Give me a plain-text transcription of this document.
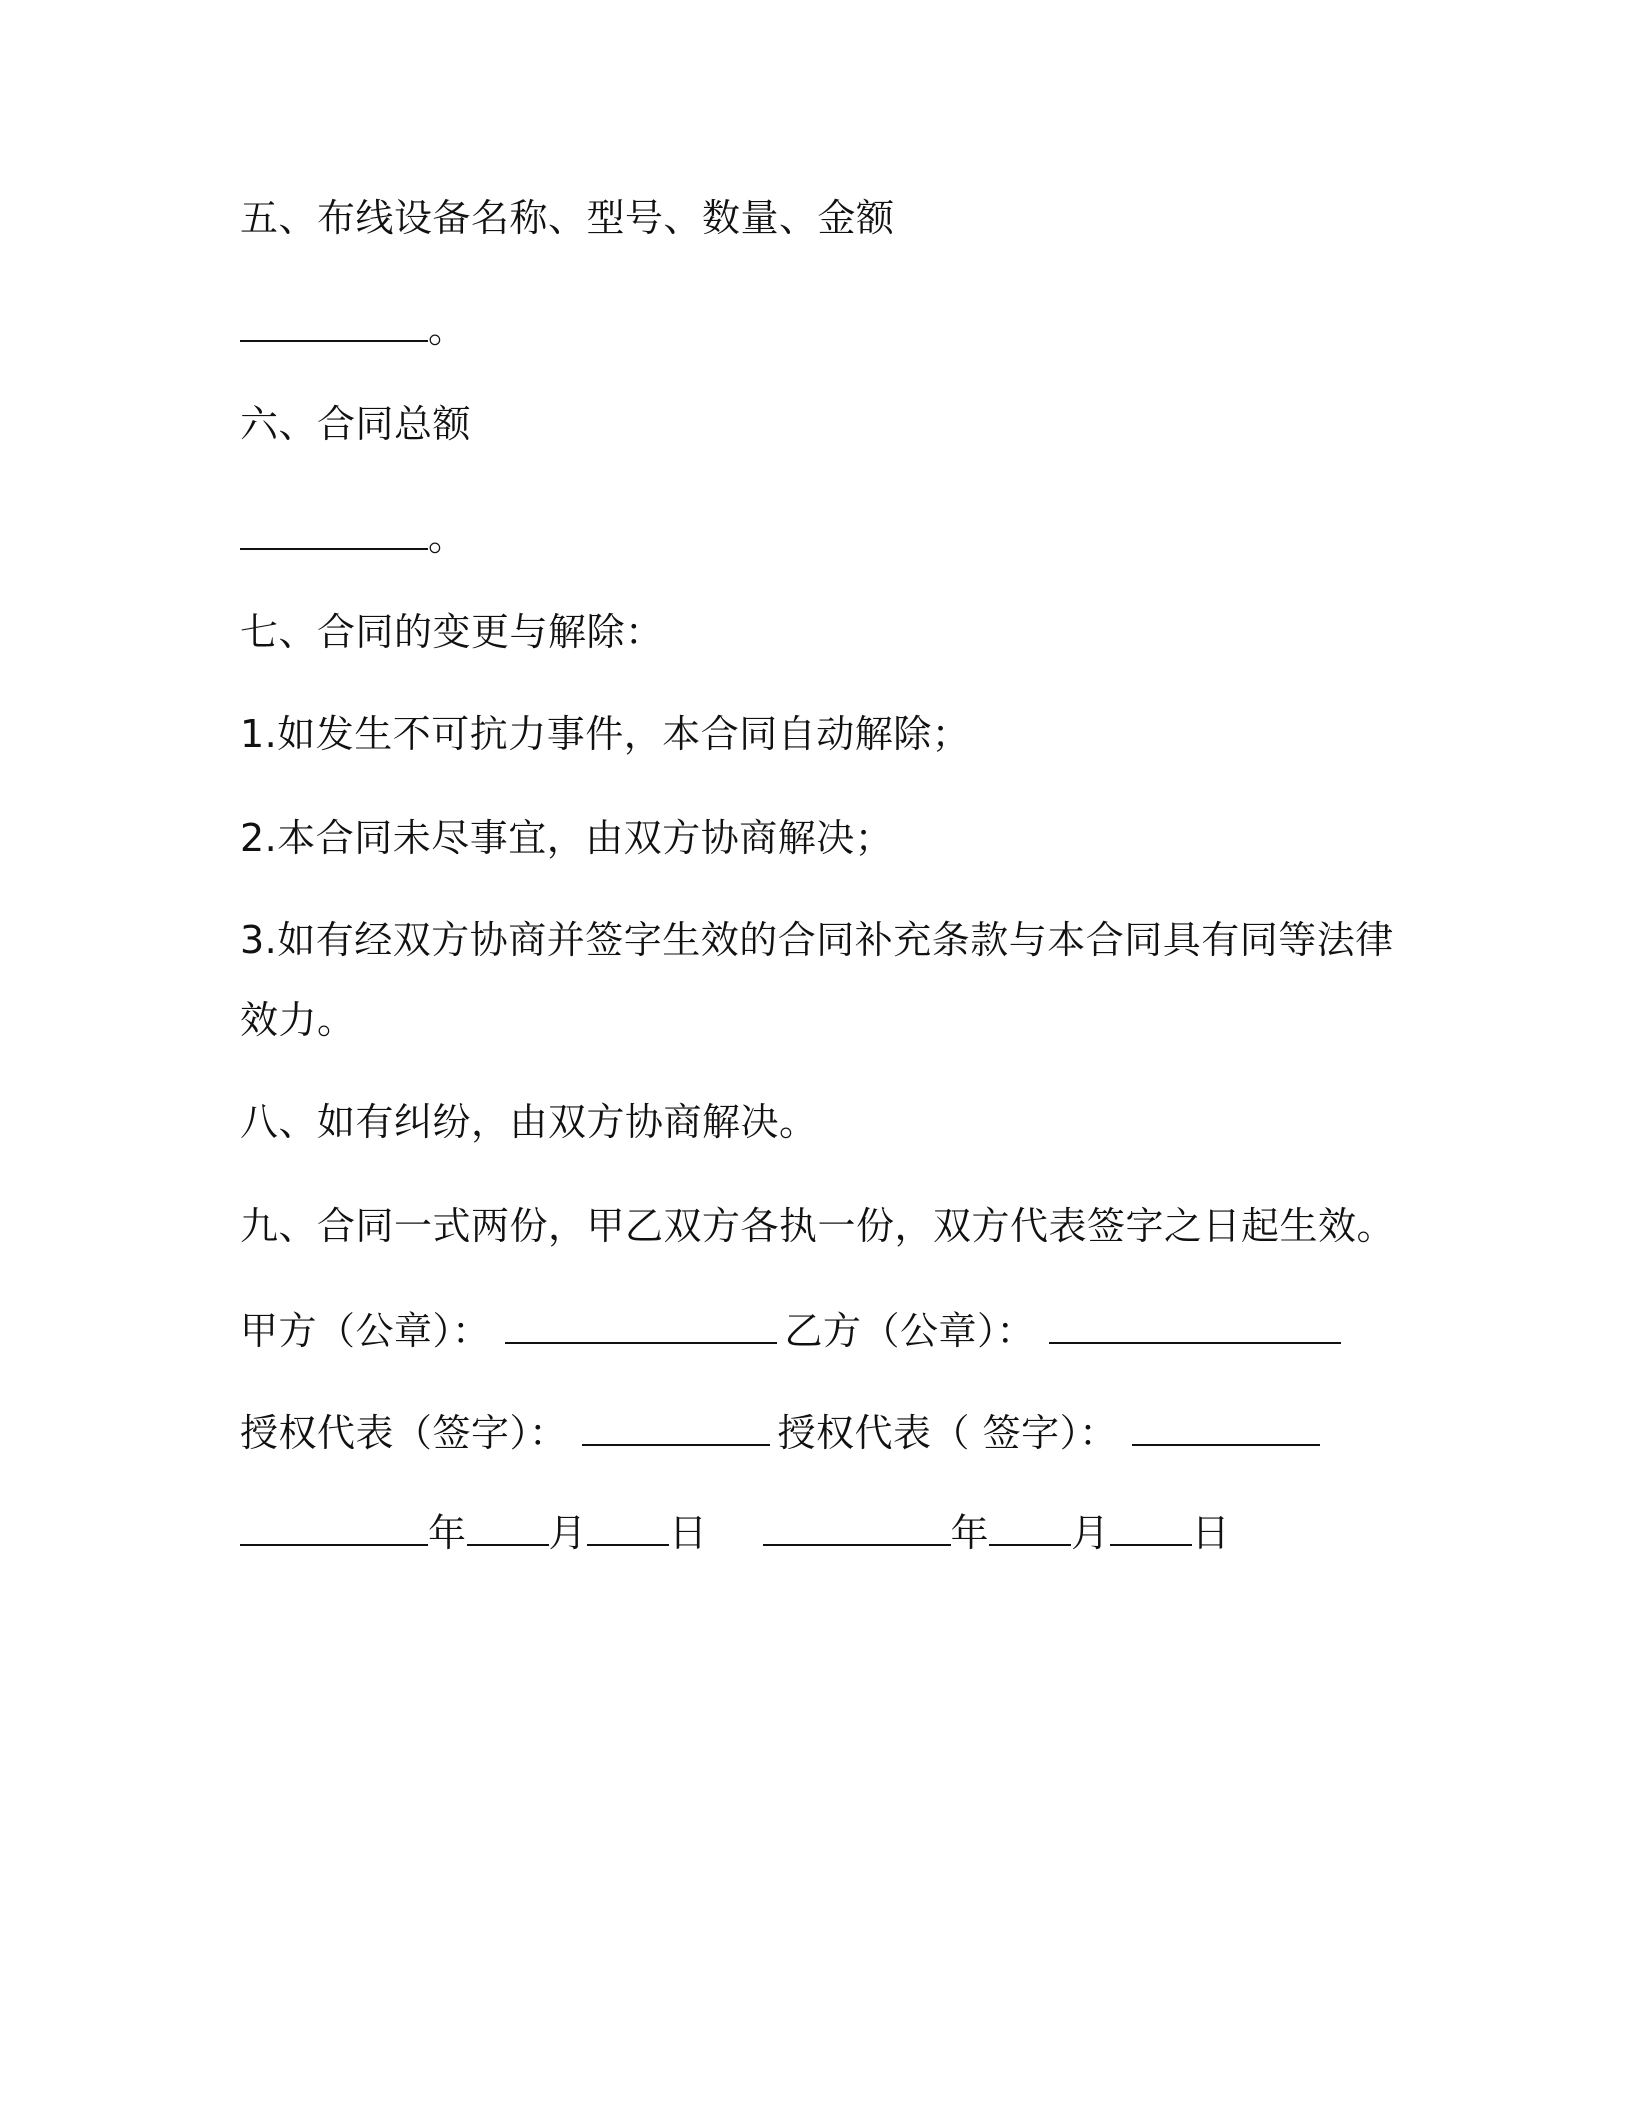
五、布线设备名称、型号、数量、金额
。
六、合同总额
。
七、合同的变更与解除：
1.如发生不可抗力事件，本合同自动解除；
2.本合同未尽事宜，由双方协商解决；
3.如有经双方协商并签字生效的合同补充条款与本合同具有同等法律
效力。
八、如有纠纷，由双方协商解决。
九、合同一式两份，甲乙双方各执一份，双方代表签字之日起生效。
甲方（公章）：	乙方（公章）：
授权代表（签字）：	授权代表（ 签字）：
年 月 日	年 月 日
